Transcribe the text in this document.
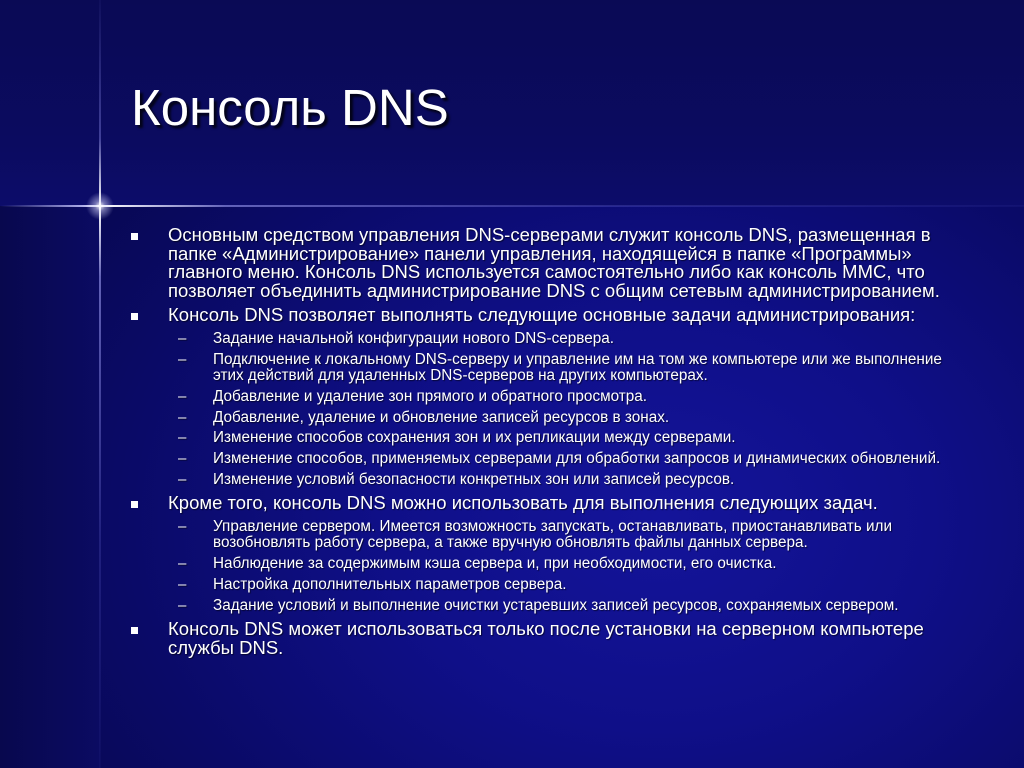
Консоль DNS
Основным средством управления DNS-серверами служит консоль DNS, размещенная в папке «Администрирование» панели управления, находящейся в папке «Программы» главного меню. Консоль DNS используется самостоятельно либо как консоль ММС, что позволяет объединить администрирование DNS с общим сетевым администрированием.
Консоль DNS позволяет выполнять следующие основные задачи администрирования:
– Задание начальной конфигурации нового DNS-сервера.
– Подключение к локальному DNS-серверу и управление им на том же компьютере или же выполнение этих действий для удаленных DNS-серверов на других компьютерах.
– Добавление и удаление зон прямого и обратного просмотра.
– Добавление, удаление и обновление записей ресурсов в зонах.
– Изменение способов сохранения зон и их репликации между серверами.
– Изменение способов, применяемых серверами для обработки запросов и динамических обновлений.
– Изменение условий безопасности конкретных зон или записей ресурсов.
Кроме того, консоль DNS можно использовать для выполнения следующих задач.
– Управление сервером. Имеется возможность запускать, останавливать, приостанавливать или возобновлять работу сервера, а также вручную обновлять файлы данных сервера.
– Наблюдение за содержимым кэша сервера и, при необходимости, его очистка.
– Настройка дополнительных параметров сервера.
– Задание условий и выполнение очистки устаревших записей ресурсов, сохраняемых сервером.
Консоль DNS может использоваться только после установки на серверном компьютере службы DNS.
